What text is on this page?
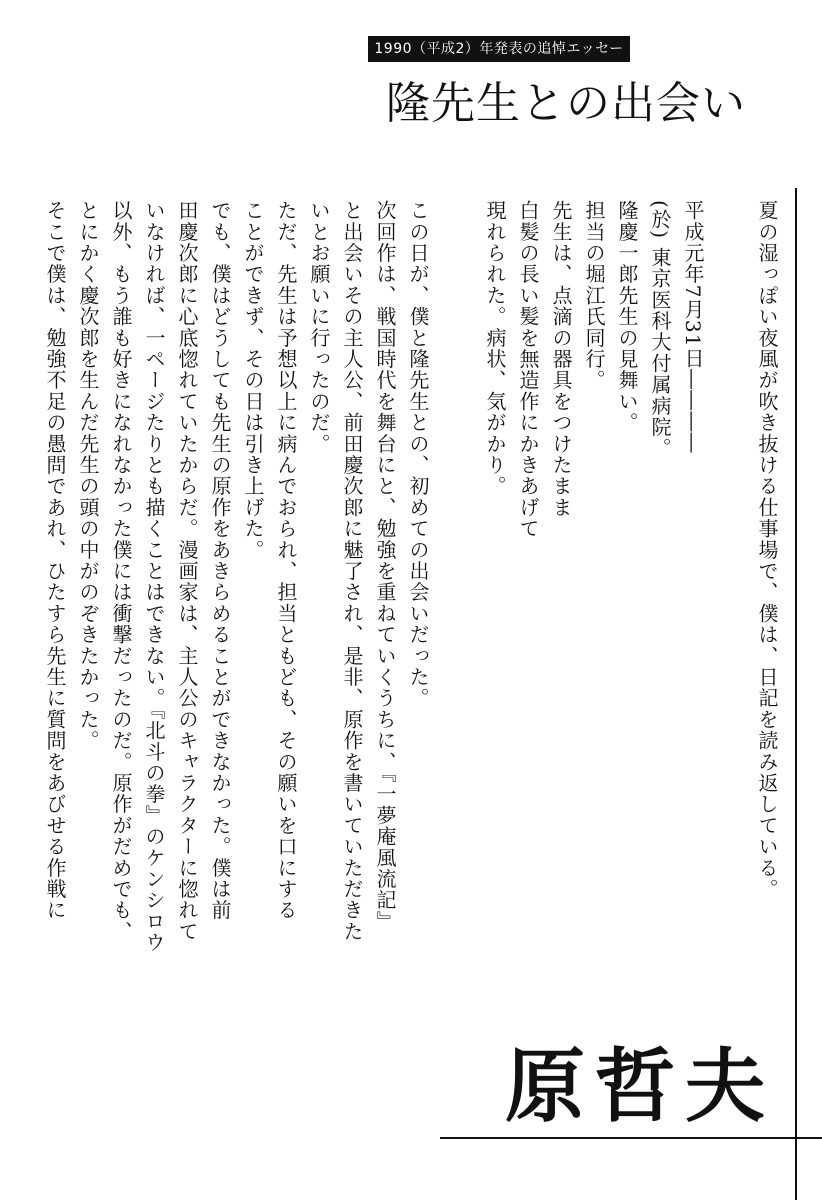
1990（平成2）年発表の追悼エッセー
隆先生との出会い
夏の湿っぽい夜風が吹き抜ける仕事場で、僕は、日記を読み返している。
平成元年7月31日――――
(於) 東京医科大付属病院。
隆慶一郎先生の見舞い。
担当の堀江氏同行。
先生は、点滴の器具をつけたまま
白髪の長い髪を無造作にかきあげて
現れられた。病状、気がかり。
この日が、僕と隆先生との、初めての出会いだった。
次回作は、戦国時代を舞台にと、勉強を重ねていくうちに、『一夢庵風流記』
と出会いその主人公、前田慶次郎に魅了され、是非、原作を書いていただきた
いとお願いに行ったのだ。
ただ、先生は予想以上に病んでおられ、担当ともども、その願いを口にする
ことができず、その日は引き上げた。
でも、僕はどうしても先生の原作をあきらめることができなかった。僕は前
田慶次郎に心底惚れていたからだ。漫画家は、主人公のキャラクターに惚れて
いなければ、一ページたりとも描くことはできない。『北斗の拳』のケンシロウ
以外、もう誰も好きになれなかった僕には衝撃だったのだ。原作がだめでも、
とにかく慶次郎を生んだ先生の頭の中がのぞきたかった。
そこで僕は、勉強不足の愚問であれ、ひたすら先生に質問をあびせる作戦に
原哲夫
